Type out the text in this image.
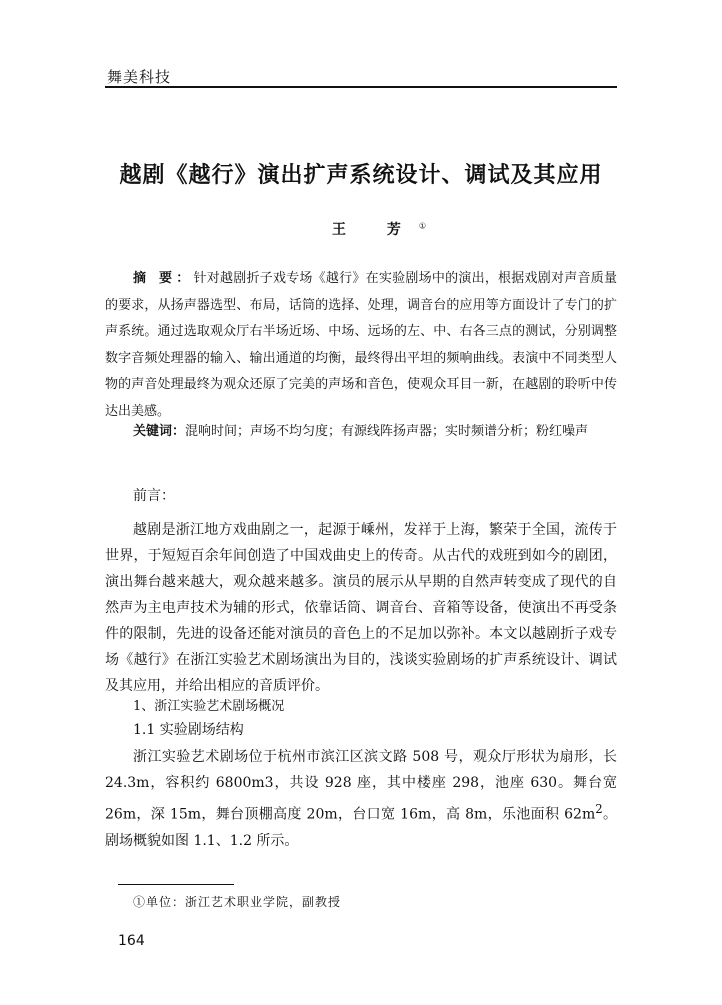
舞美科技
越剧《越行》演出扩声系统设计、调试及其应用
王 芳①
摘 要：针对越剧折子戏专场《越行》在实验剧场中的演出，根据戏剧对声音质量的要求，从扬声器选型、布局，话筒的选择、处理，调音台的应用等方面设计了专门的扩声系统。通过选取观众厅右半场近场、中场、远场的左、中、右各三点的测试，分别调整数字音频处理器的输入、输出通道的均衡，最终得出平坦的频响曲线。表演中不同类型人物的声音处理最终为观众还原了完美的声场和音色，使观众耳目一新，在越剧的聆听中传达出美感。
关键词：混响时间；声场不均匀度；有源线阵扬声器；实时频谱分析；粉红噪声
前言：

越剧是浙江地方戏曲剧之一，起源于嵊州，发祥于上海，繁荣于全国，流传于世界，于短短百余年间创造了中国戏曲史上的传奇。从古代的戏班到如今的剧团，演出舞台越来越大，观众越来越多。演员的展示从早期的自然声转变成了现代的自然声为主电声技术为辅的形式，依靠话筒、调音台、音箱等设备，使演出不再受条件的限制，先进的设备还能对演员的音色上的不足加以弥补。本文以越剧折子戏专场《越行》在浙江实验艺术剧场演出为目的，浅谈实验剧场的扩声系统设计、调试及其应用，并给出相应的音质评价。

1、浙江实验艺术剧场概况
1.1 实验剧场结构
浙江实验艺术剧场位于杭州市滨江区滨文路 508 号，观众厅形状为扇形，长 24.3m，容积约 6800m3，共设 928 座，其中楼座 298，池座 630。舞台宽 26m，深 15m，舞台顶棚高度 20m，台口宽 16m，高 8m，乐池面积 $62m^2$。剧场概貌如图 1.1、1.2 所示。
①单位：浙江艺术职业学院，副教授
164
